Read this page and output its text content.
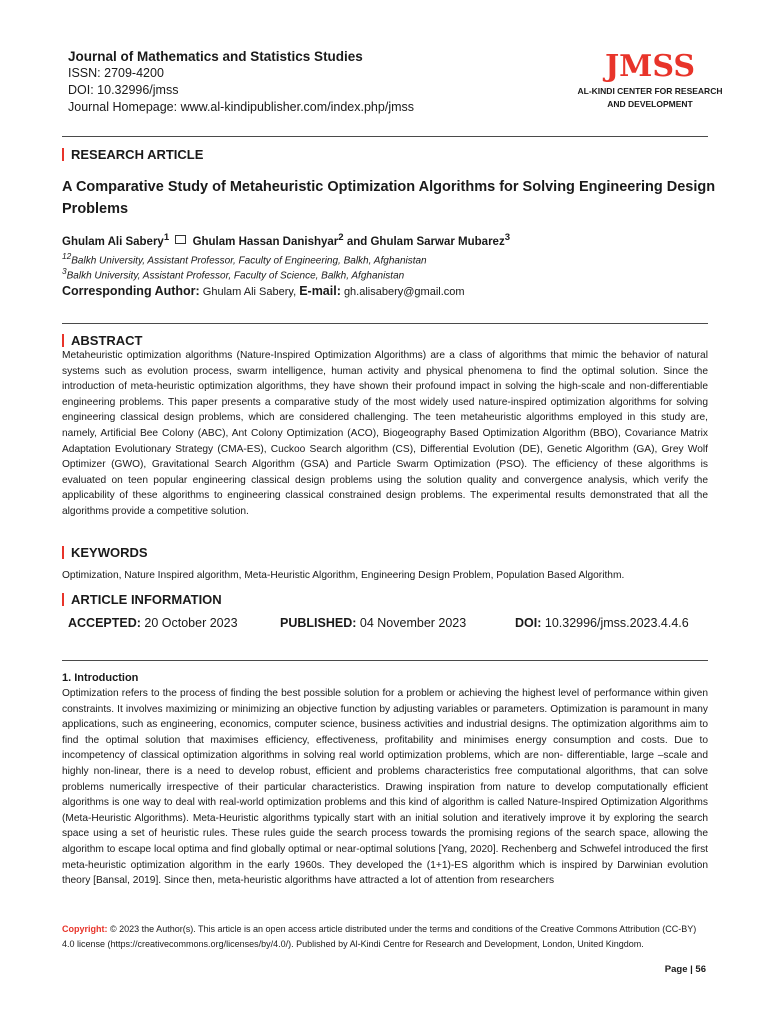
Journal of Mathematics and Statistics Studies
ISSN: 2709-4200
DOI: 10.32996/jmss
Journal Homepage: www.al-kindipublisher.com/index.php/jmss
JMSS
AL-KINDI CENTER FOR RESEARCH
AND DEVELOPMENT
RESEARCH ARTICLE
A Comparative Study of Metaheuristic Optimization Algorithms for Solving Engineering Design Problems
Ghulam Ali Sabery$^1$ Ghulam Hassan Danishyar$^2$ and Ghulam Sarwar Mubarez$^3$
$^{12}$Balkh University, Assistant Professor, Faculty of Engineering, Balkh, Afghanistan
$^3$Balkh University, Assistant Professor, Faculty of Science, Balkh, Afghanistan
Corresponding Author: Ghulam Ali Sabery, E-mail: gh.alisabery@gmail.com
ABSTRACT
Metaheuristic optimization algorithms (Nature-Inspired Optimization Algorithms) are a class of algorithms that mimic the behavior of natural systems such as evolution process, swarm intelligence, human activity and physical phenomena to find the optimal solution. Since the introduction of meta-heuristic optimization algorithms, they have shown their profound impact in solving the high-scale and non-differentiable engineering problems. This paper presents a comparative study of the most widely used nature-inspired optimization algorithms for solving engineering classical design problems, which are considered challenging. The teen metaheuristic algorithms employed in this study are, namely, Artificial Bee Colony (ABC), Ant Colony Optimization (ACO), Biogeography Based Optimization Algorithm (BBO), Covariance Matrix Adaptation Evolutionary Strategy (CMA-ES), Cuckoo Search algorithm (CS), Differential Evolution (DE), Genetic Algorithm (GA), Grey Wolf Optimizer (GWO), Gravitational Search Algorithm (GSA) and Particle Swarm Optimization (PSO). The efficiency of these algorithms is evaluated on teen popular engineering classical design problems using the solution quality and convergence analysis, which verify the applicability of these algorithms to engineering classical constrained design problems. The experimental results demonstrated that all the algorithms provide a competitive solution.
KEYWORDS
Optimization, Nature Inspired algorithm, Meta-Heuristic Algorithm, Engineering Design Problem, Population Based Algorithm.
ARTICLE INFORMATION
ACCEPTED: 20 October 2023	PUBLISHED: 04 November 2023	DOI: 10.32996/jmss.2023.4.4.6
1. Introduction
Optimization refers to the process of finding the best possible solution for a problem or achieving the highest level of performance within given constraints. It involves maximizing or minimizing an objective function by adjusting variables or parameters. Optimization is paramount in many applications, such as engineering, economics, computer science, business activities and industrial designs. The optimization algorithms aim to find the optimal solution that maximises efficiency, effectiveness, profitability and minimises energy consumption and costs. Due to incompetency of classical optimization algorithms in solving real world optimization problems, which are non- differentiable, large –scale and highly non-linear, there is a need to develop robust, efficient and problems characteristics free computational algorithms, that can solve problems numerically irrespective of their particular characteristics. Drawing inspiration from nature to develop computationally efficient algorithms is one way to deal with real-world optimization problems and this kind of algorithm is called Nature-Inspired Optimization Algorithms (Meta-Heuristic Algorithms). Meta-Heuristic algorithms typically start with an initial solution and iteratively improve it by exploring the search space using a set of heuristic rules. These rules guide the search process towards the promising regions of the search space, allowing the algorithm to escape local optima and find globally optimal or near-optimal solutions [Yang, 2020]. Rechenberg and Schwefel introduced the first meta-heuristic optimization algorithm in the early 1960s. They developed the (1+1)-ES algorithm which is inspired by Darwinian evolution theory [Bansal, 2019]. Since then, meta-heuristic algorithms have attracted a lot of attention from researchers
Copyright: © 2023 the Author(s). This article is an open access article distributed under the terms and conditions of the Creative Commons Attribution (CC-BY) 4.0 license (https://creativecommons.org/licenses/by/4.0/). Published by Al-Kindi Centre for Research and Development, London, United Kingdom.
Page | 56
